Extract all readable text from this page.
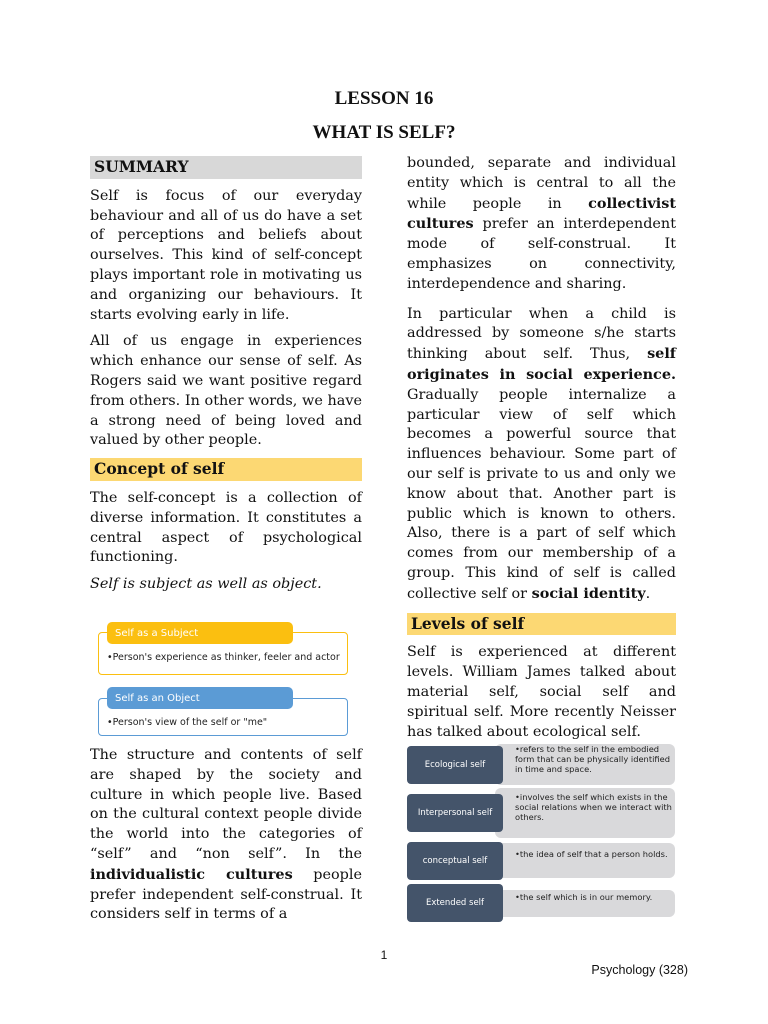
LESSON 16
WHAT IS SELF?
SUMMARY

Self is focus of our everyday behaviour and all of us do have a set of perceptions and beliefs about ourselves. This kind of self-concept plays important role in motivating us and organizing our behaviours. It starts evolving early in life.

All of us engage in experiences which enhance our sense of self. As Rogers said we want positive regard from others. In other words, we have a strong need of being loved and valued by other people.

Concept of self

The self-concept is a collection of diverse information. It constitutes a central aspect of psychological functioning.

Self is subject as well as object.

•Person's experience as thinker, feeler and actor
Self as a Subject
•Person's view of the self or "me"
Self as an Object

The structure and contents of self are shaped by the society and culture in which people live. Based on the cultural context people divide the world into the categories of “self” and “non self”. In the individualistic cultures people prefer independent self-construal. It considers self in terms of a

bounded, separate and individual entity which is central to all the while people in collectivist cultures prefer an interdependent mode of self-construal. It emphasizes on connectivity, interdependence and sharing.

In particular when a child is addressed by someone s/he starts thinking about self. Thus, self originates in social experience. Gradually people internalize a particular view of self which becomes a powerful source that influences behaviour. Some part of our self is private to us and only we know about that. Another part is public which is known to others. Also, there is a part of self which comes from our membership of a group. This kind of self is called collective self or social identity.

Levels of self

Self is experienced at different levels. William James talked about material self, social self and spiritual self. More recently Neisser has talked about ecological self.

•refers to the self in the embodied form that can be physically identified in time and space.
Ecological self
•involves the self which exists in the social relations when we interact with others.
Interpersonal self
•the idea of self that a person holds.
conceptual self
•the self which is in our memory.
Extended self
1
Psychology (328)
